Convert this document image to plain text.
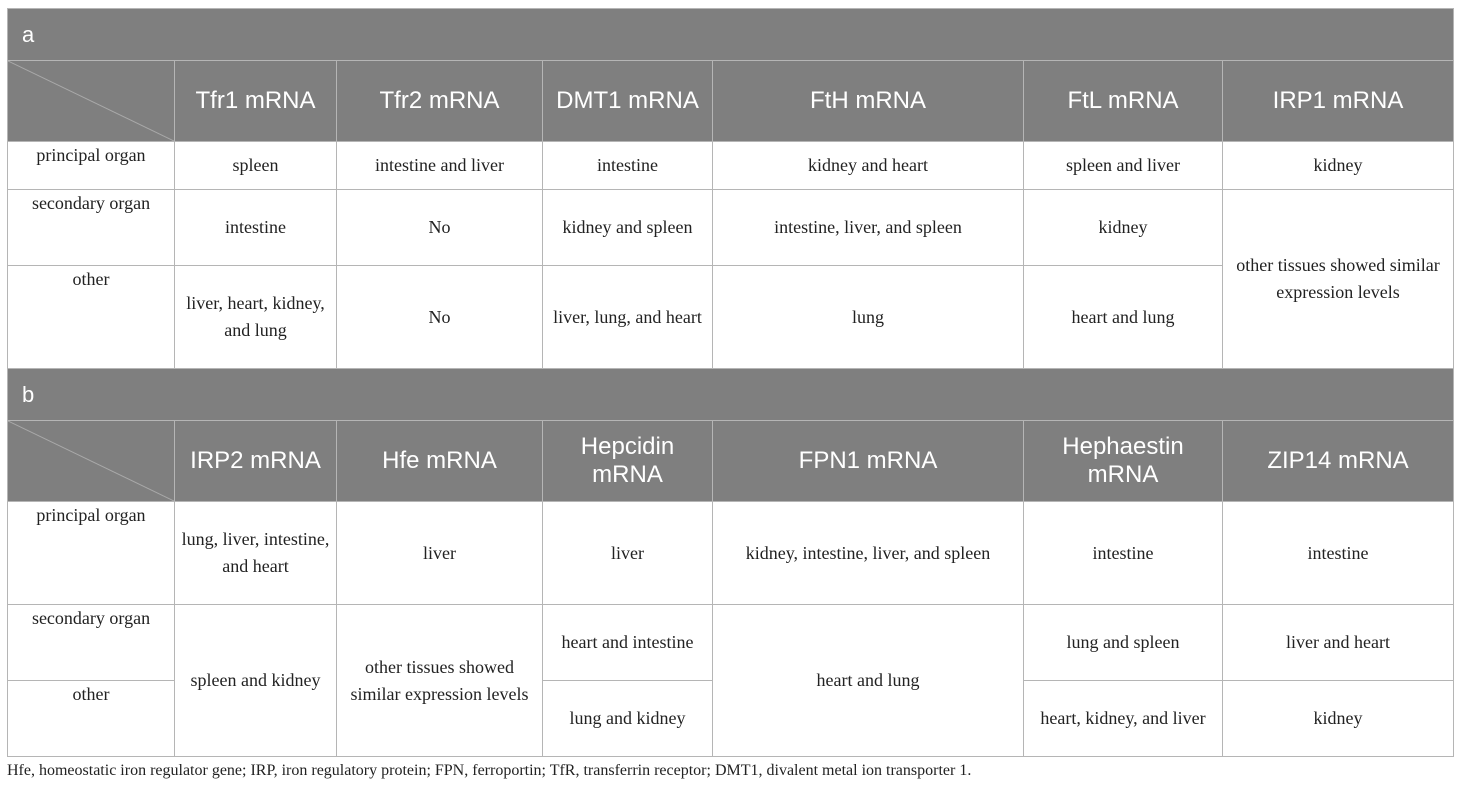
a						

	Tfr1 mRNA	Tfr2 mRNA	DMT1 mRNA	FtH mRNA	FtL mRNA	IRP1 mRNA
principal organ	spleen	intestine and liver	intestine	kidney and heart	spleen and liver	kidney
secondary organ	intestine	No	kidney and spleen	intestine, liver, and spleen	kidney	other tissues showed similar expression levels
other	liver, heart, kidney, and lung	No	liver, lung, and heart	lung	heart and lung	
b						

	IRP2 mRNA	Hfe mRNA	Hepcidin mRNA	FPN1 mRNA	Hephaestin mRNA	ZIP14 mRNA
principal organ	lung, liver, intestine, and heart	liver	liver	kidney, intestine, liver, and spleen	intestine	intestine
secondary organ	spleen and kidney	other tissues showed similar expression levels	heart and intestine	heart and lung	lung and spleen	liver and heart
other			lung and kidney		heart, kidney, and liver	kidney
Hfe, homeostatic iron regulator gene; IRP, iron regulatory protein; FPN, ferroportin; TfR, transferrin receptor; DMT1, divalent metal ion transporter 1.
